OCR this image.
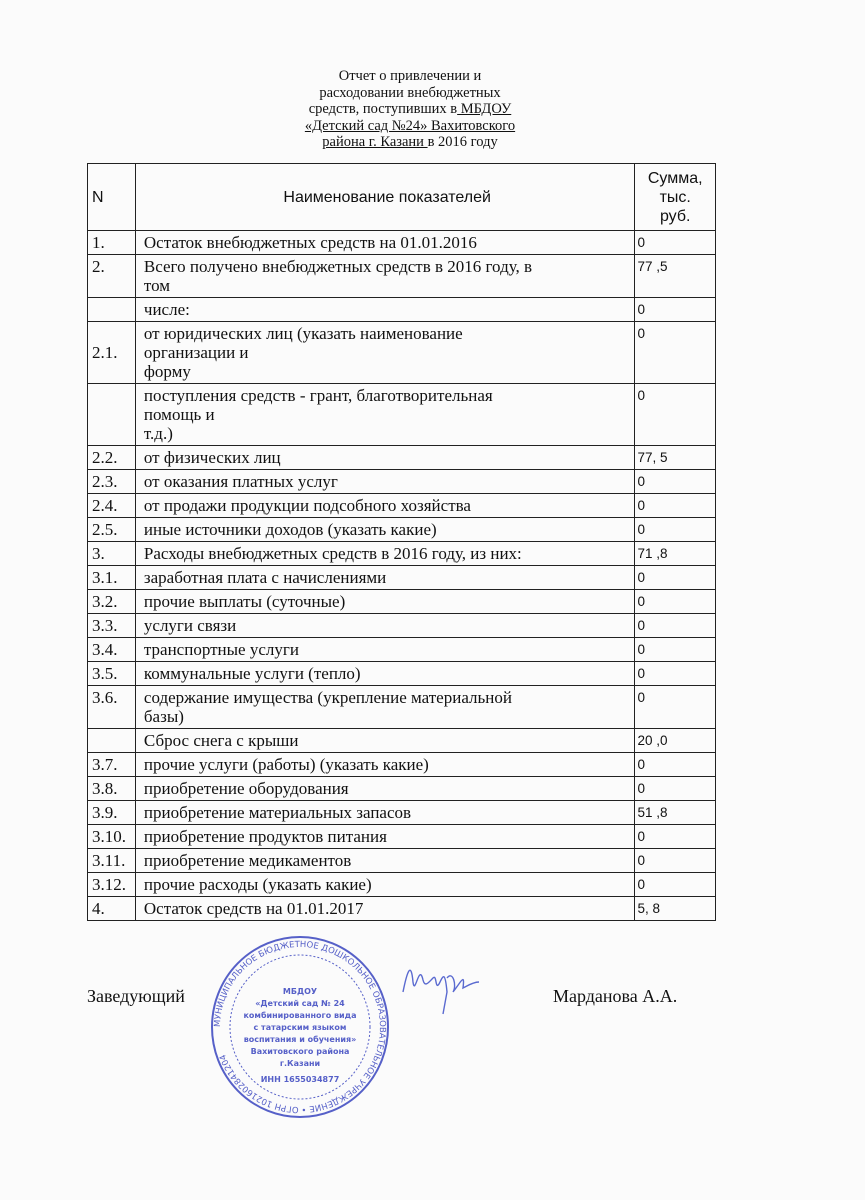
Отчет о привлечении и
расходовании внебюджетных
средств, поступивших в МБДОУ
«Детский сад №24» Вахитовского
района г. Казани в 2016 году
N	Наименование показателей	Сумма,
тыс.
руб.
1.	Остаток внебюджетных средств на 01.01.2016	0
2.	Всего получено внебюджетных средств в 2016 году, в
том	77 ,5
	числе:	0
2.1.	от юридических лиц (указать наименование
организации и
форму	0
	поступления средств - грант, благотворительная
помощь и
т.д.)	0
2.2.	от физических лиц	77, 5
2.3.	от оказания платных услуг	0
2.4.	от продажи продукции подсобного хозяйства	0
2.5.	иные источники доходов (указать какие)	0
3.	Расходы внебюджетных средств в 2016 году, из них:	71 ,8
3.1.	заработная плата с начислениями	0
3.2.	прочие выплаты (суточные)	0
3.3.	услуги связи	0
3.4.	транспортные услуги	0
3.5.	коммунальные услуги (тепло)	0
3.6.	содержание имущества (укрепление материальной
базы)	0
	Сброс снега с крыши	20 ,0
3.7.	прочие услуги (работы) (указать какие)	0
3.8.	приобретение оборудования	0
3.9.	приобретение материальных запасов	51 ,8
3.10.	приобретение продуктов питания	0
3.11.	приобретение медикаментов	0
3.12.	прочие расходы (указать какие)	0
4.	Остаток средств на 01.01.2017	5, 8
Заведующий	Марданова А.А.
МУНИЦИПАЛЬНОЕ БЮДЖЕТНОЕ ДОШКОЛЬНОЕ ОБРАЗОВАТЕЛЬНОЕ УЧРЕЖДЕНИЕ • ОГРН 1021602841204
МБДОУ
«Детский сад № 24
комбинированного вида
с татарским языком
воспитания и обучения»
Вахитовского района
г.Казани
ИНН 1655034877
